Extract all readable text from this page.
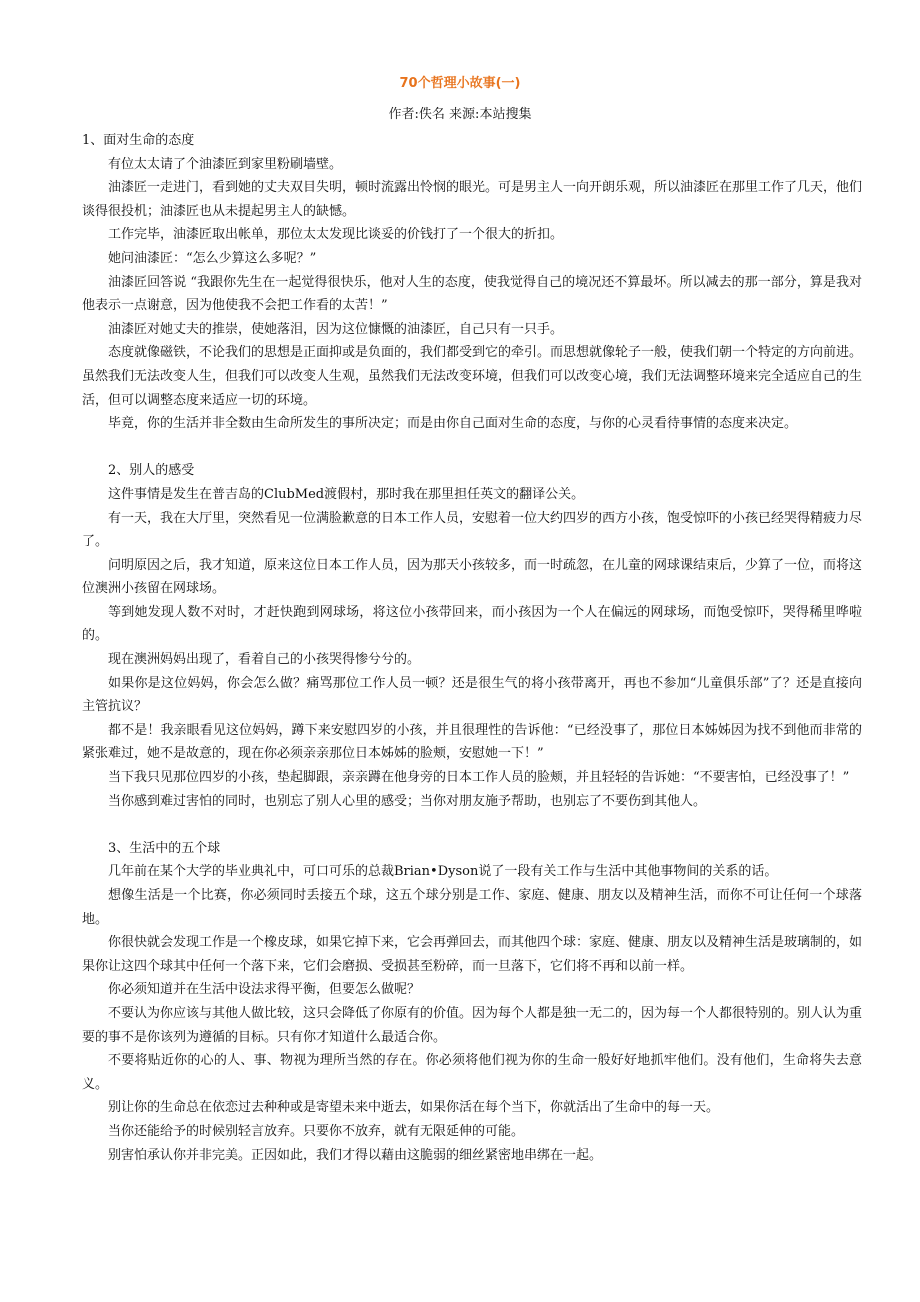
70个哲理小故事(一)
作者:佚名 来源:本站搜集

1、面对生命的态度

有位太太请了个油漆匠到家里粉刷墙壁。

油漆匠一走进门，看到她的丈夫双目失明，顿时流露出怜悯的眼光。可是男主人一向开朗乐观，所以油漆匠在那里工作了几天，他们谈得很投机；油漆匠也从未提起男主人的缺憾。

工作完毕，油漆匠取出帐单，那位太太发现比谈妥的价钱打了一个很大的折扣。

她问油漆匠：“怎么少算这么多呢？”

油漆匠回答说 “我跟你先生在一起觉得很快乐，他对人生的态度，使我觉得自己的境况还不算最坏。所以减去的那一部分，算是我对他表示一点谢意，因为他使我不会把工作看的太苦！”

油漆匠对她丈夫的推崇，使她落泪，因为这位慷慨的油漆匠，自己只有一只手。

态度就像磁铁，不论我们的思想是正面抑或是负面的，我们都受到它的牵引。而思想就像轮子一般，使我们朝一个特定的方向前进。虽然我们无法改变人生，但我们可以改变人生观，虽然我们无法改变环境，但我们可以改变心境，我们无法调整环境来完全适应自己的生活，但可以调整态度来适应一切的环境。

毕竟，你的生活并非全数由生命所发生的事所决定；而是由你自己面对生命的态度，与你的心灵看待事情的态度来决定。

2、别人的感受

这件事情是发生在普吉岛的ClubMed渡假村，那时我在那里担任英文的翻译公关。

有一天，我在大厅里，突然看见一位满脸歉意的日本工作人员，安慰着一位大约四岁的西方小孩，饱受惊吓的小孩已经哭得精疲力尽了。

问明原因之后，我才知道，原来这位日本工作人员，因为那天小孩较多，而一时疏忽，在儿童的网球课结束后，少算了一位，而将这位澳洲小孩留在网球场。

等到她发现人数不对时，才赶快跑到网球场，将这位小孩带回来，而小孩因为一个人在偏远的网球场，而饱受惊吓，哭得稀里哗啦的。

现在澳洲妈妈出现了，看着自己的小孩哭得惨兮兮的。

如果你是这位妈妈，你会怎么做？痛骂那位工作人员一顿？还是很生气的将小孩带离开，再也不参加“儿童俱乐部”了？还是直接向主管抗议？

都不是！我亲眼看见这位妈妈，蹲下来安慰四岁的小孩，并且很理性的告诉他：“已经没事了，那位日本姊姊因为找不到他而非常的紧张难过，她不是故意的，现在你必须亲亲那位日本姊姊的脸颊，安慰她一下！”

当下我只见那位四岁的小孩，垫起脚跟，亲亲蹲在他身旁的日本工作人员的脸颊，并且轻轻的告诉她：“不要害怕，已经没事了！”

当你感到难过害怕的同时，也别忘了别人心里的感受；当你对朋友施予帮助，也别忘了不要伤到其他人。

3、生活中的五个球

几年前在某个大学的毕业典礼中，可口可乐的总裁Brian•Dyson说了一段有关工作与生活中其他事物间的关系的话。

想像生活是一个比赛，你必须同时丢接五个球，这五个球分别是工作、家庭、健康、朋友以及精神生活，而你不可让任何一个球落地。

你很快就会发现工作是一个橡皮球，如果它掉下来，它会再弹回去，而其他四个球：家庭、健康、朋友以及精神生活是玻璃制的，如果你让这四个球其中任何一个落下来，它们会磨损、受损甚至粉碎，而一旦落下，它们将不再和以前一样。

你必须知道并在生活中设法求得平衡，但要怎么做呢？

不要认为你应该与其他人做比较，这只会降低了你原有的价值。因为每个人都是独一无二的，因为每一个人都很特别的。别人认为重要的事不是你该列为遵循的目标。只有你才知道什么最适合你。

不要将贴近你的心的人、事、物视为理所当然的存在。你必须将他们视为你的生命一般好好地抓牢他们。没有他们，生命将失去意义。

别让你的生命总在依恋过去种种或是寄望未来中逝去，如果你活在每个当下，你就活出了生命中的每一天。

当你还能给予的时候别轻言放弃。只要你不放弃，就有无限延伸的可能。

别害怕承认你并非完美。正因如此，我们才得以藉由这脆弱的细丝紧密地串绑在一起。
